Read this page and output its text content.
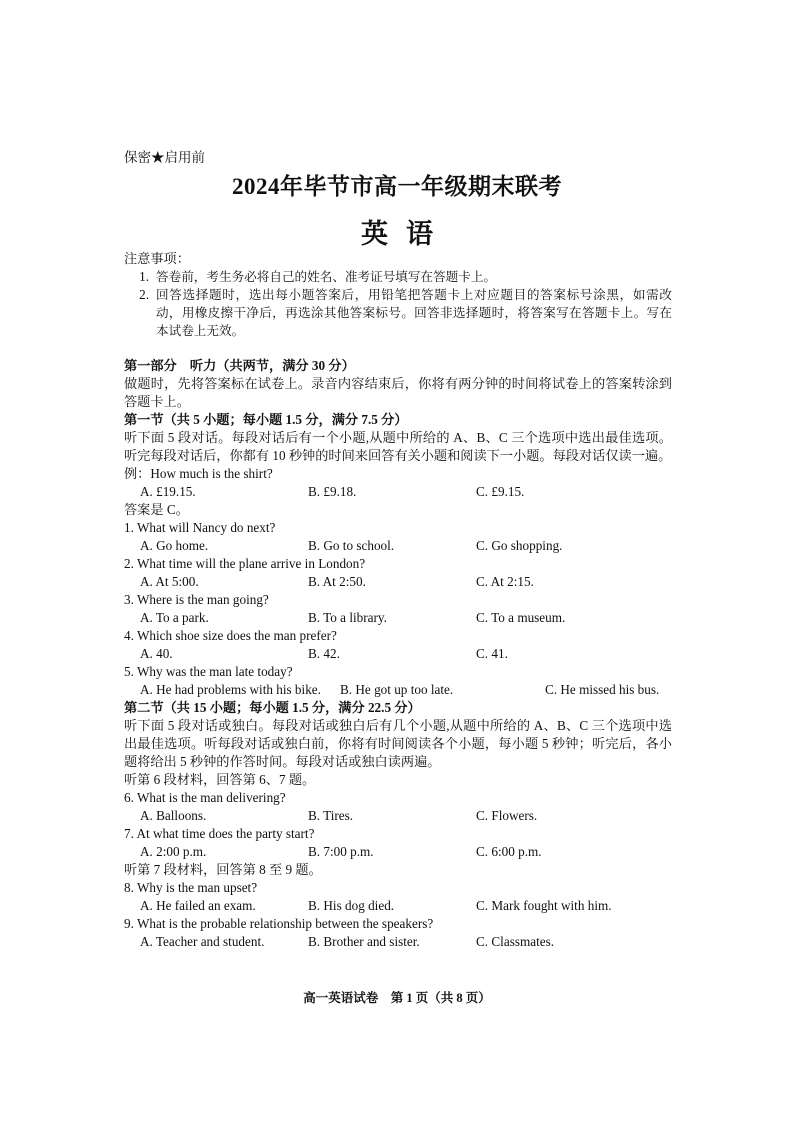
保密★启用前
2024年毕节市高一年级期末联考
英语

注意事项：

1. 答卷前，考生务必将自己的姓名、准考证号填写在答题卡上。
2. 回答选择题时，选出每小题答案后，用铅笔把答题卡上对应题目的答案标号涂黑，如需改动，用橡皮擦干净后，再选涂其他答案标号。回答非选择题时，将答案写在答题卡上。写在本试卷上无效。

第一部分　听力（共两节，满分 30 分）

做题时，先将答案标在试卷上。录音内容结束后，你将有两分钟的时间将试卷上的答案转涂到答题卡上。

第一节（共 5 小题；每小题 1.5 分，满分 7.5 分）

听下面 5 段对话。每段对话后有一个小题,从题中所给的 A、B、C 三个选项中选出最佳选项。听完每段对话后，你都有 10 秒钟的时间来回答有关小题和阅读下一小题。每段对话仅读一遍。

例：How much is the shirt?

A. £19.15.	B. £9.18.	C. £9.15.

答案是 C。

1. What will Nancy do next?

A. Go home.	B. Go to school.	C. Go shopping.

2. What time will the plane arrive in London?

A. At 5:00.	B. At 2:50.	C. At 2:15.

3. Where is the man going?

A. To a park.	B. To a library.	C. To a museum.

4. Which shoe size does the man prefer?

A. 40.	B. 42.	C. 41.

5. Why was the man late today?

A. He had problems with his bike.	B. He got up too late.	C. He missed his bus.

第二节（共 15 小题；每小题 1.5 分，满分 22.5 分）

听下面 5 段对话或独白。每段对话或独白后有几个小题,从题中所给的 A、B、C 三个选项中选出最佳选项。听每段对话或独白前，你将有时间阅读各个小题，每小题 5 秒钟；听完后，各小题将给出 5 秒钟的作答时间。每段对话或独白读两遍。

听第 6 段材料，回答第 6、7 题。

6. What is the man delivering?

A. Balloons.	B. Tires.	C. Flowers.

7. At what time does the party start?

A. 2:00 p.m.	B. 7:00 p.m.	C. 6:00 p.m.

听第 7 段材料，回答第 8 至 9 题。

8. Why is the man upset?

A. He failed an exam.	B. His dog died.	C. Mark fought with him.

9. What is the probable relationship between the speakers?

A. Teacher and student.	B. Brother and sister.	C. Classmates.
高一英语试卷　第 1 页（共 8 页）
